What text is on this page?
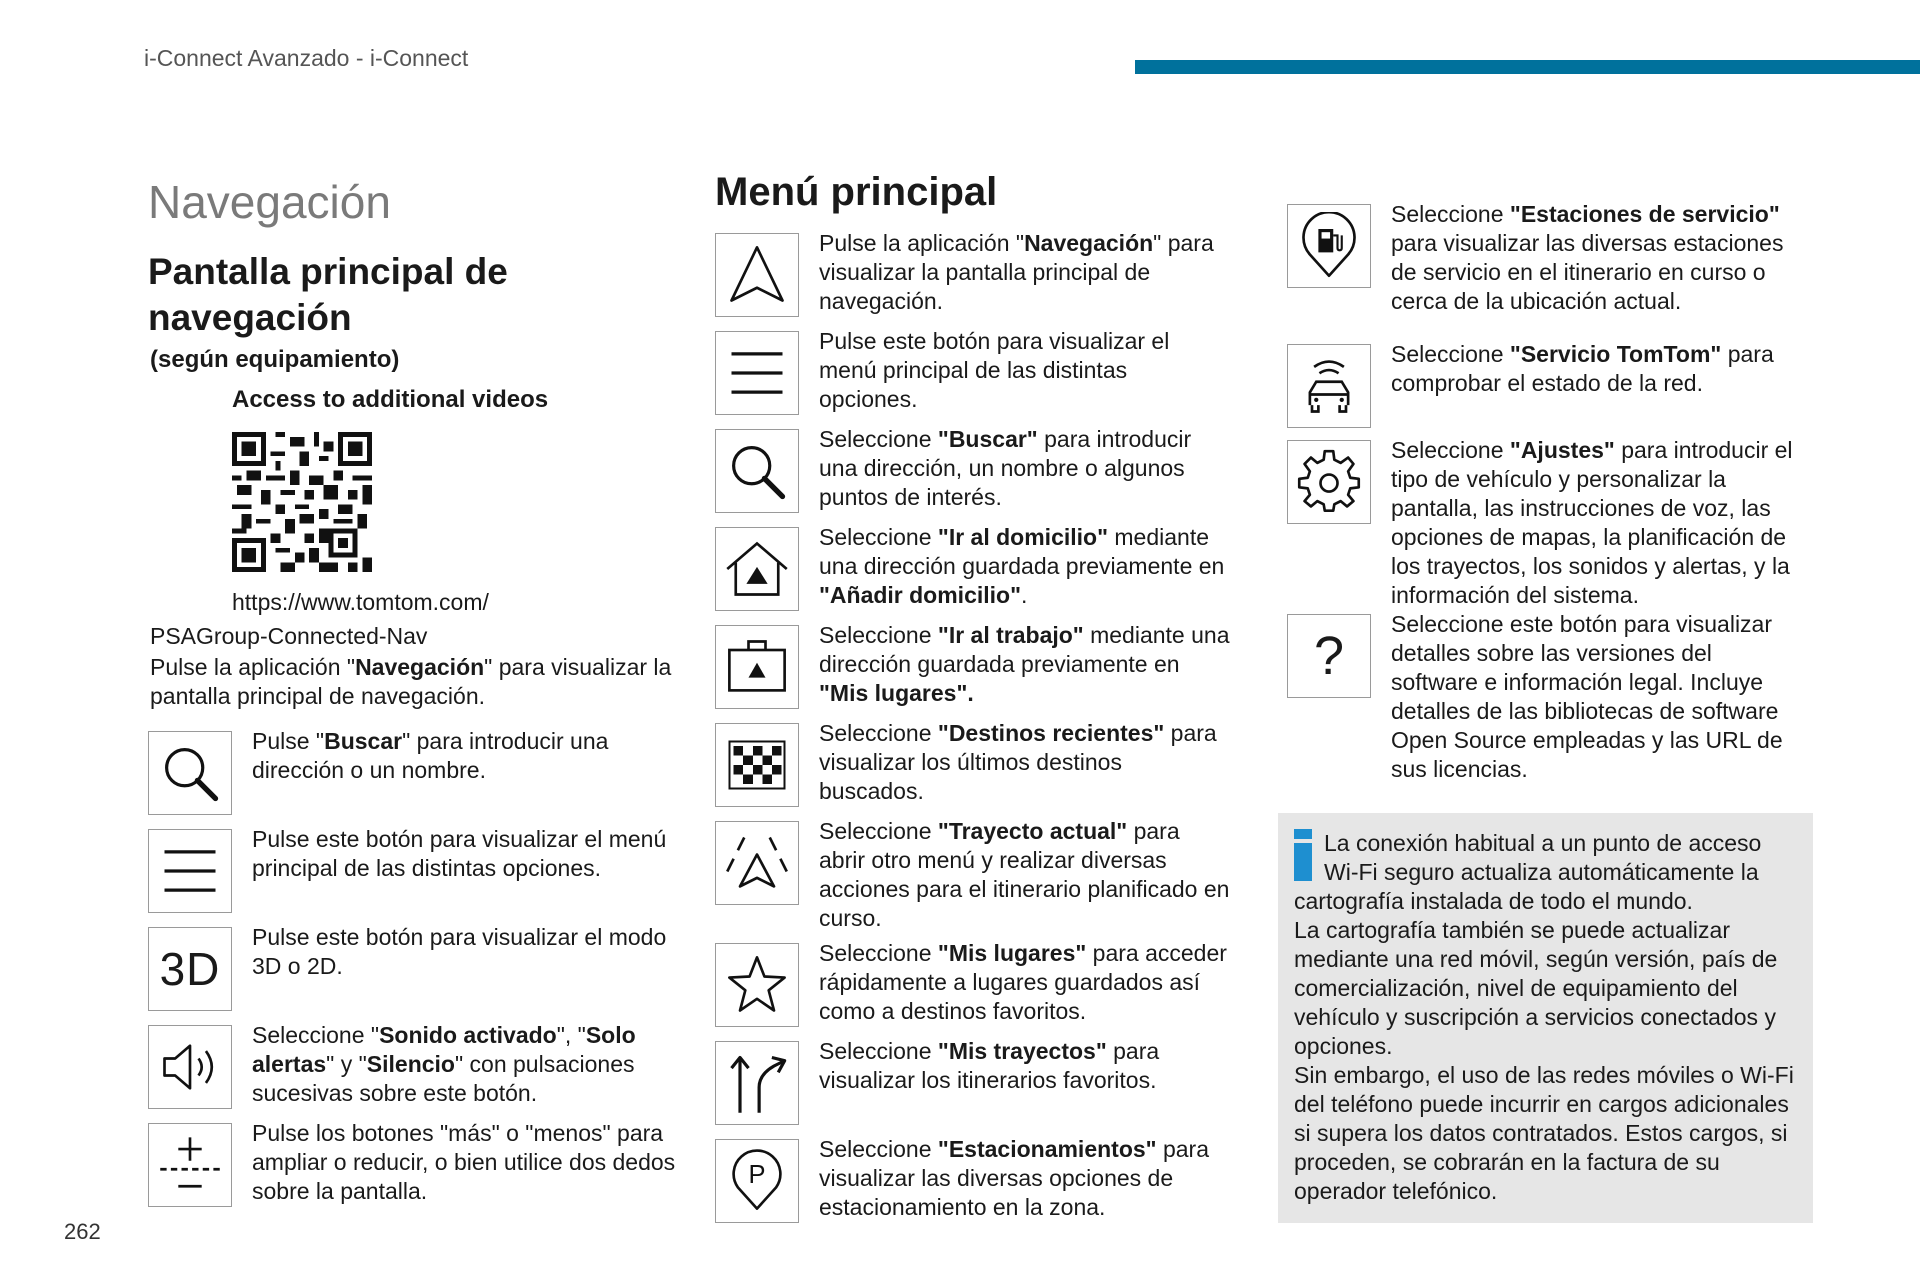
i-Connect Avanzado - i-Connect
Navegación
Pantalla principal de navegación
(según equipamiento)
Access to additional videos
https://www.tomtom.com/
PSAGroup-Connected-Nav
Pulse la aplicación "Navegación" para visualizar la pantalla principal de navegación.
Pulse "Buscar" para introducir una dirección o un nombre.
Pulse este botón para visualizar el menú principal de las distintas opciones.
3D
Pulse este botón para visualizar el modo 3D o 2D.
Seleccione "Sonido activado", "Solo alertas" y "Silencio" con pulsaciones sucesivas sobre este botón.
Pulse los botones "más" o "menos" para ampliar o reducir, o bien utilice dos dedos sobre la pantalla.
Menú principal
Pulse la aplicación "Navegación" para visualizar la pantalla principal de navegación.
Pulse este botón para visualizar el menú principal de las distintas opciones.
Seleccione "Buscar" para introducir una dirección, un nombre o algunos puntos de interés.
Seleccione "Ir al domicilio" mediante una dirección guardada previamente en "Añadir domicilio".
Seleccione "Ir al trabajo" mediante una dirección guardada previamente en "Mis lugares".
Seleccione "Destinos recientes" para visualizar los últimos destinos buscados.
Seleccione "Trayecto actual" para abrir otro menú y realizar diversas acciones para el itinerario planificado en curso.
Seleccione "Mis lugares" para acceder rápidamente a lugares guardados así como a destinos favoritos.
Seleccione "Mis trayectos" para visualizar los itinerarios favoritos.
P
Seleccione "Estacionamientos" para visualizar las diversas opciones de estacionamiento en la zona.
Seleccione "Estaciones de servicio" para visualizar las diversas estaciones de servicio en el itinerario en curso o cerca de la ubicación actual.
Seleccione "Servicio TomTom" para comprobar el estado de la red.
Seleccione "Ajustes" para introducir el tipo de vehículo y personalizar la pantalla, las instrucciones de voz, las opciones de mapas, la planificación de los trayectos, los sonidos y alertas, y la información del sistema.
?
Seleccione este botón para visualizar detalles sobre las versiones del software e información legal. Incluye detalles de las bibliotecas de software Open Source empleadas y las URL de sus licencias.
La conexión habitual a un punto de acceso Wi-Fi seguro actualiza automáticamente la cartografía instalada de todo el mundo.
La cartografía también se puede actualizar mediante una red móvil, según versión, país de comercialización, nivel de equipamiento del vehículo y suscripción a servicios conectados y opciones.
Sin embargo, el uso de las redes móviles o Wi-Fi del teléfono puede incurrir en cargos adicionales si supera los datos contratados. Estos cargos, si proceden, se cobrarán en la factura de su operador telefónico.
262
